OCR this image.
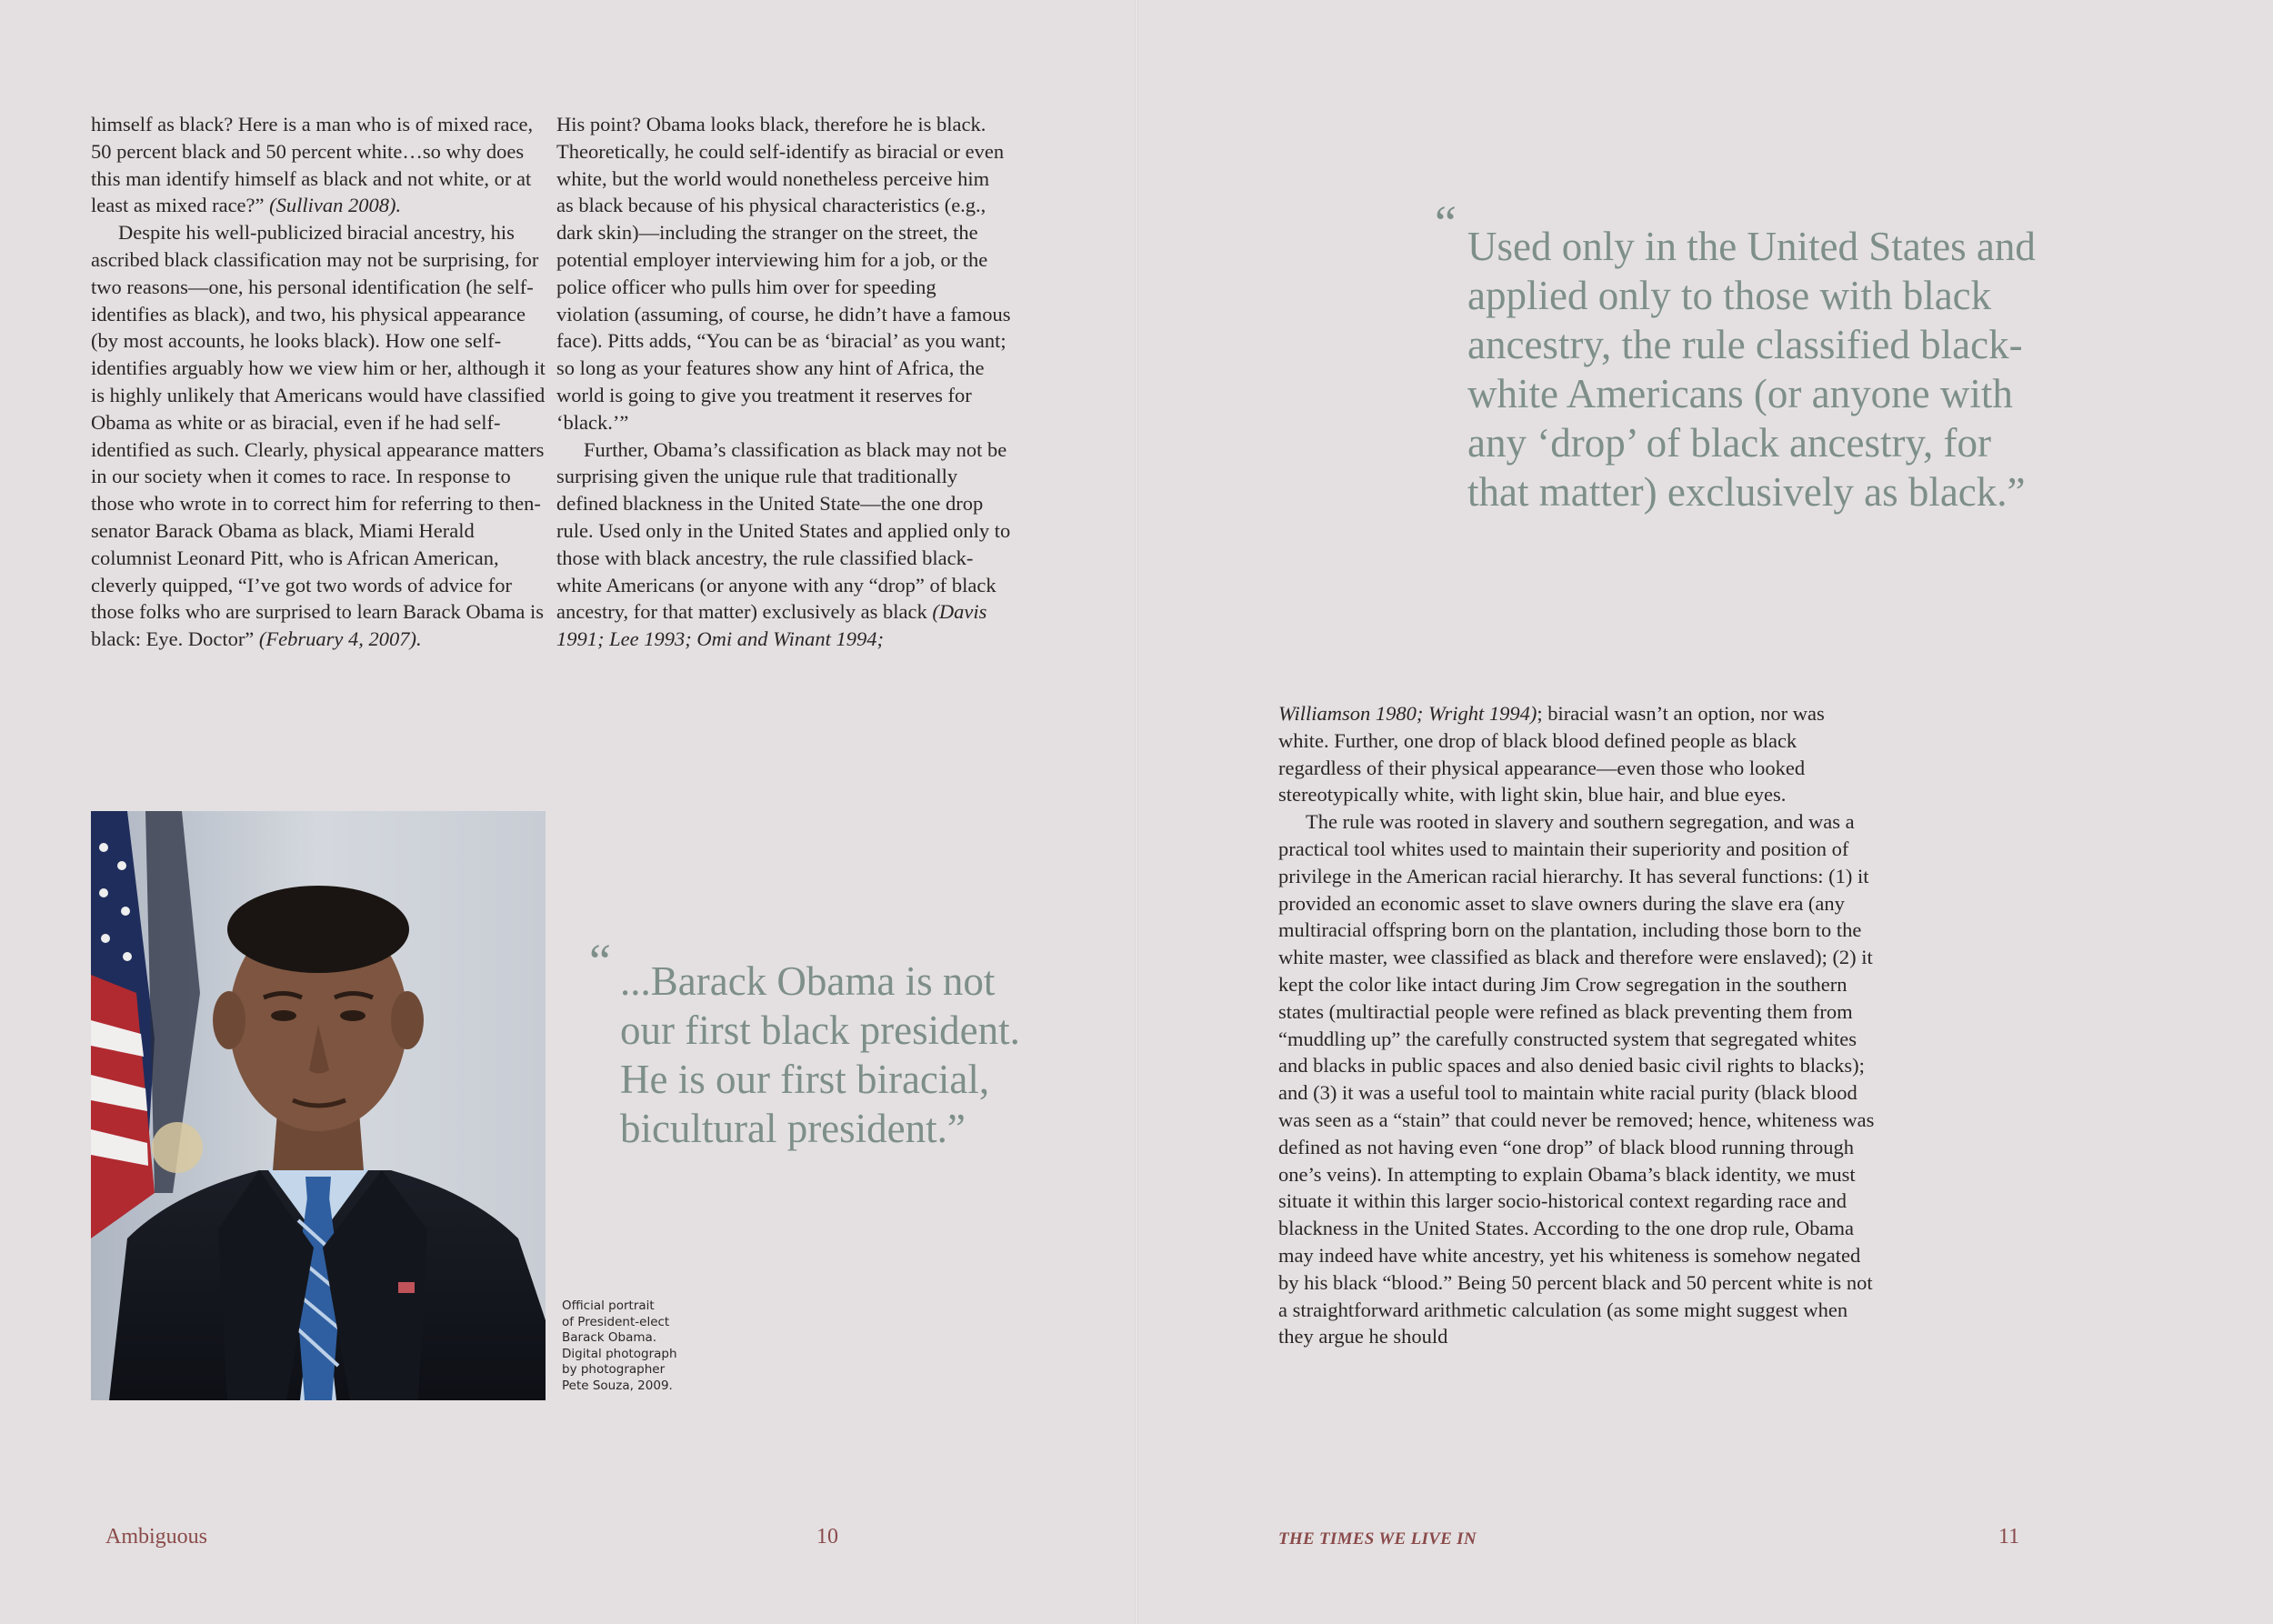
himself as black? Here is a man who is of mixed race, 50 percent black and 50 percent white…so why does this man identify himself as black and not white, or at least as mixed race?” (Sullivan 2008).

Despite his well-publicized biracial ancestry, his ascribed black classification may not be surprising, for two reasons—one, his personal identification (he self-identifies as black), and two, his physical appearance (by most accounts, he looks black). How one self-identifies arguably how we view him or her, although it is highly unlikely that Americans would have classified Obama as white or as biracial, even if he had self-identified as such. Clearly, physical appearance matters in our society when it comes to race. In response to those who wrote in to correct him for referring to then-senator Barack Obama as black, Miami Herald columnist Leonard Pitt, who is African American, cleverly quipped, “I’ve got two words of advice for those folks who are surprised to learn Barack Obama is black: Eye. Doctor” (February 4, 2007).

His point? Obama looks black, therefore he is black. Theoretically, he could self-identify as biracial or even white, but the world would nonetheless perceive him as black because of his physical characteristics (e.g., dark skin)—including the stranger on the street, the potential employer interviewing him for a job, or the police officer who pulls him over for speeding violation (assuming, of course, he didn’t have a famous face). Pitts adds, “You can be as ‘biracial’ as you want; so long as your features show any hint of Africa, the world is going to give you treatment it reserves for ‘black.’”

Further, Obama’s classification as black may not be surprising given the unique rule that traditionally defined blackness in the United State—the one drop rule. Used only in the United States and applied only to those with black ancestry, the rule classified black-white Americans (or anyone with any “drop” of black ancestry, for that matter) exclusively as black (Davis 1991; Lee 1993; Omi and Winant 1994;

Official portrait
of President-elect
Barack Obama.
Digital photograph
by photographer
Pete Souza, 2009.
“ ...Barack Obama is not our first black president. He is our first biracial, bicultural president.”

“ Used only in the United States and applied only to those with black ancestry, the rule classified black-white Americans (or anyone with any ‘drop’ of black ancestry, for that matter) exclusively as black.”

Williamson 1980; Wright 1994); biracial wasn’t an option, nor was white. Further, one drop of black blood defined people as black regardless of their physical appearance—even those who looked stereotypically white, with light skin, blue hair, and blue eyes.

The rule was rooted in slavery and southern segregation, and was a practical tool whites used to maintain their superiority and position of privilege in the American racial hierarchy. It has several functions: (1) it provided an economic asset to slave owners during the slave era (any multiracial offspring born on the plantation, including those born to the white master, wee classified as black and therefore were enslaved); (2) it kept the color like intact during Jim Crow segregation in the southern states (multiractial people were refined as black preventing them from “muddling up” the carefully constructed system that segregated whites and blacks in public spaces and also denied basic civil rights to blacks); and (3) it was a useful tool to maintain white racial purity (black blood was seen as a “stain” that could never be removed; hence, whiteness was defined as not having even “one drop” of black blood running through one’s veins). In attempting to explain Obama’s black identity, we must situate it within this larger socio-historical context regarding race and blackness in the United States. According to the one drop rule, Obama may indeed have white ancestry, yet his whiteness is somehow negated by his black “blood.” Being 50 percent black and 50 percent white is not a straightforward arithmetic calculation (as some might suggest when they argue he should

Ambiguous	10	THE TIMES WE LIVE IN	11
